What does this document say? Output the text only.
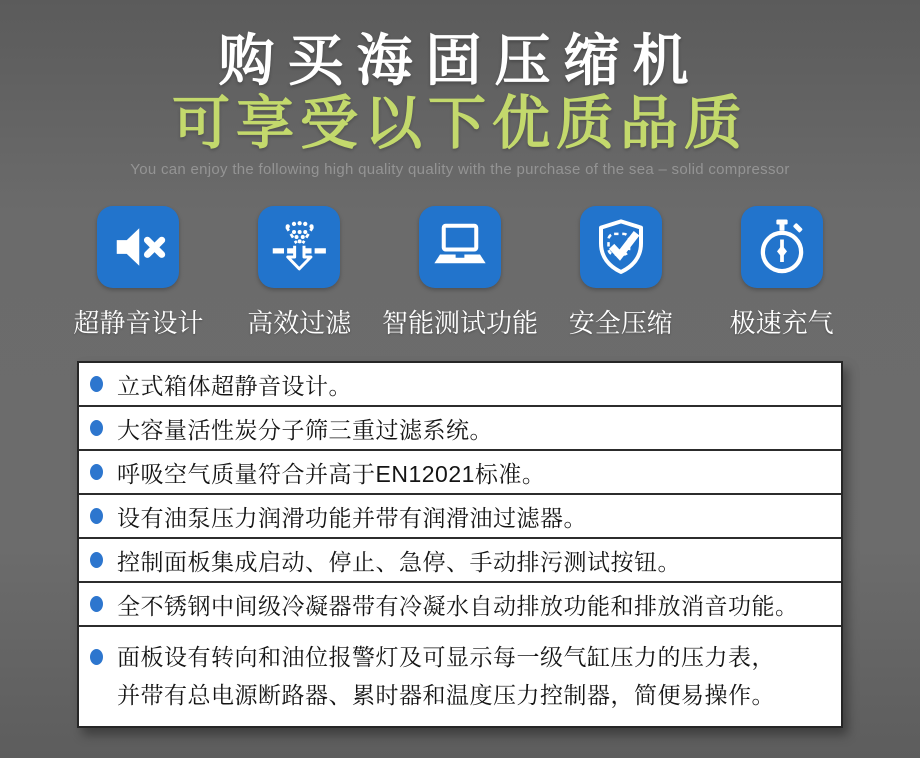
购买海固压缩机
可享受以下优质品质
You can enjoy the following high quality quality with the purchase of the sea – solid compressor
超静音设计 高效过滤 智能测试功能 安全压缩 极速充气
立式箱体超静音设计。
大容量活性炭分子筛三重过滤系统。
呼吸空气质量符合并高于EN12021标准。
设有油泵压力润滑功能并带有润滑油过滤器。
控制面板集成启动、停止、急停、手动排污测试按钮。
全不锈钢中间级冷凝器带有冷凝水自动排放功能和排放消音功能。
面板设有转向和油位报警灯及可显示每一级气缸压力的压力表，
并带有总电源断路器、累时器和温度压力控制器，简便易操作。
